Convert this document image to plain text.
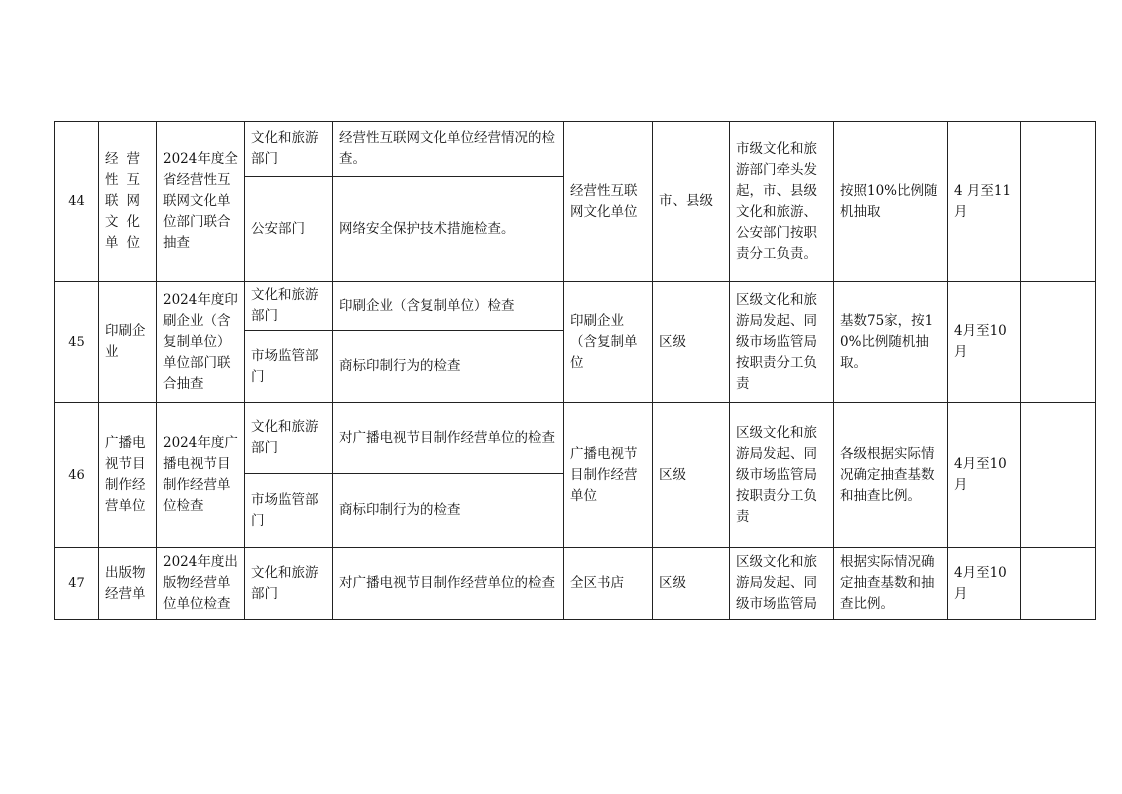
44	经营性互联网文化单位	2024年度全省经营性互联网文化单位部门联合抽查	文化和旅游部门	经营性互联网文化单位经营情况的检查。	经营性互联网文化单位	市、县级	市级文化和旅游部门牵头发起，市、县级文化和旅游、公安部门按职责分工负责。	按照10%比例随机抽取	4 月至11月	
			公安部门	网络安全保护技术措施检查。						
45	印刷企业	2024年度印刷企业（含复制单位）单位部门联合抽查	文化和旅游部门	印刷企业（含复制单位）检查	印刷企业（含复制单位	区级	区级文化和旅游局发起、同级市场监管局按职责分工负责	基数75家，按10%比例随机抽取。	4月至10月	
			市场监管部门	商标印制行为的检查						
46	广播电视节目制作经营单位	2024年度广播电视节目制作经营单位检查	文化和旅游部门	对广播电视节目制作经营单位的检查	广播电视节目制作经营单位	区级	区级文化和旅游局发起、同级市场监管局按职责分工负责	各级根据实际情况确定抽查基数和抽查比例。	4月至10月	
			市场监管部门	商标印制行为的检查						
47	出版物经营单	2024年度出版物经营单位单位检查	文化和旅游部门	对广播电视节目制作经营单位的检查	全区书店	区级	区级文化和旅游局发起、同级市场监管局	根据实际情况确定抽查基数和抽查比例。	4月至10月	
